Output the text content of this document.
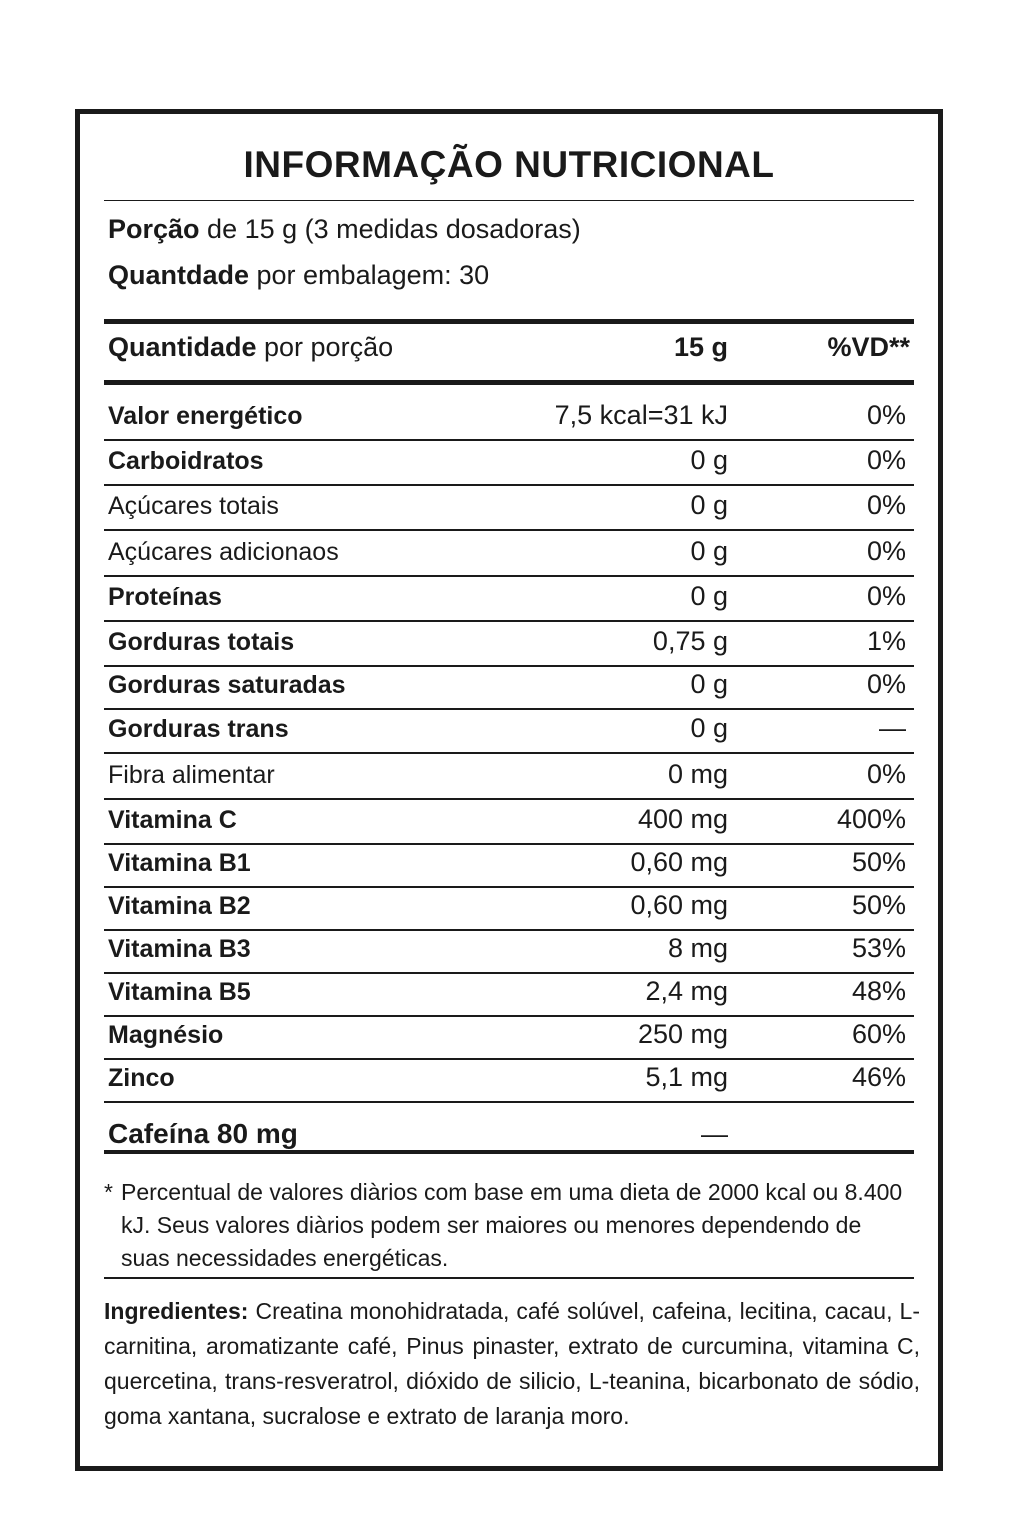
INFORMAÇÃO NUTRICIONAL
Porção de 15 g (3 medidas dosadoras)
Quantdade por embalagem: 30
Quantidade por porção	15 g	%VD**
Valor energético	7,5 kcal=31 kJ	0%
Carboidratos	0 g	0%
Açúcares totais	0 g	0%
Açúcares adicionaos	0 g	0%
Proteínas	0 g	0%
Gorduras totais	0,75 g	1%
Gorduras saturadas	0 g	0%
Gorduras trans	0 g	—
Fibra alimentar	0 mg	0%
Vitamina C	400 mg	400%
Vitamina B1	0,60 mg	50%
Vitamina B2	0,60 mg	50%
Vitamina B3	8 mg	53%
Vitamina B5	2,4 mg	48%
Magnésio	250 mg	60%
Zinco	5,1 mg	46%
Cafeína 80 mg	—
* Percentual de valores diàrios com base em uma dieta de 2000 kcal ou 8.400 kJ. Seus valores diàrios podem ser maiores ou menores dependendo de suas necessidades energéticas.
Ingredientes: Creatina monohidratada, café solúvel, cafeina, lecitina, cacau, L-carnitina, aromatizante café, Pinus pinaster, extrato de curcumina, vitamina C, quercetina, trans-resveratrol, dióxido de silicio, L-teanina, bicarbonato de sódio, goma xantana, sucralose e extrato de laranja moro.
